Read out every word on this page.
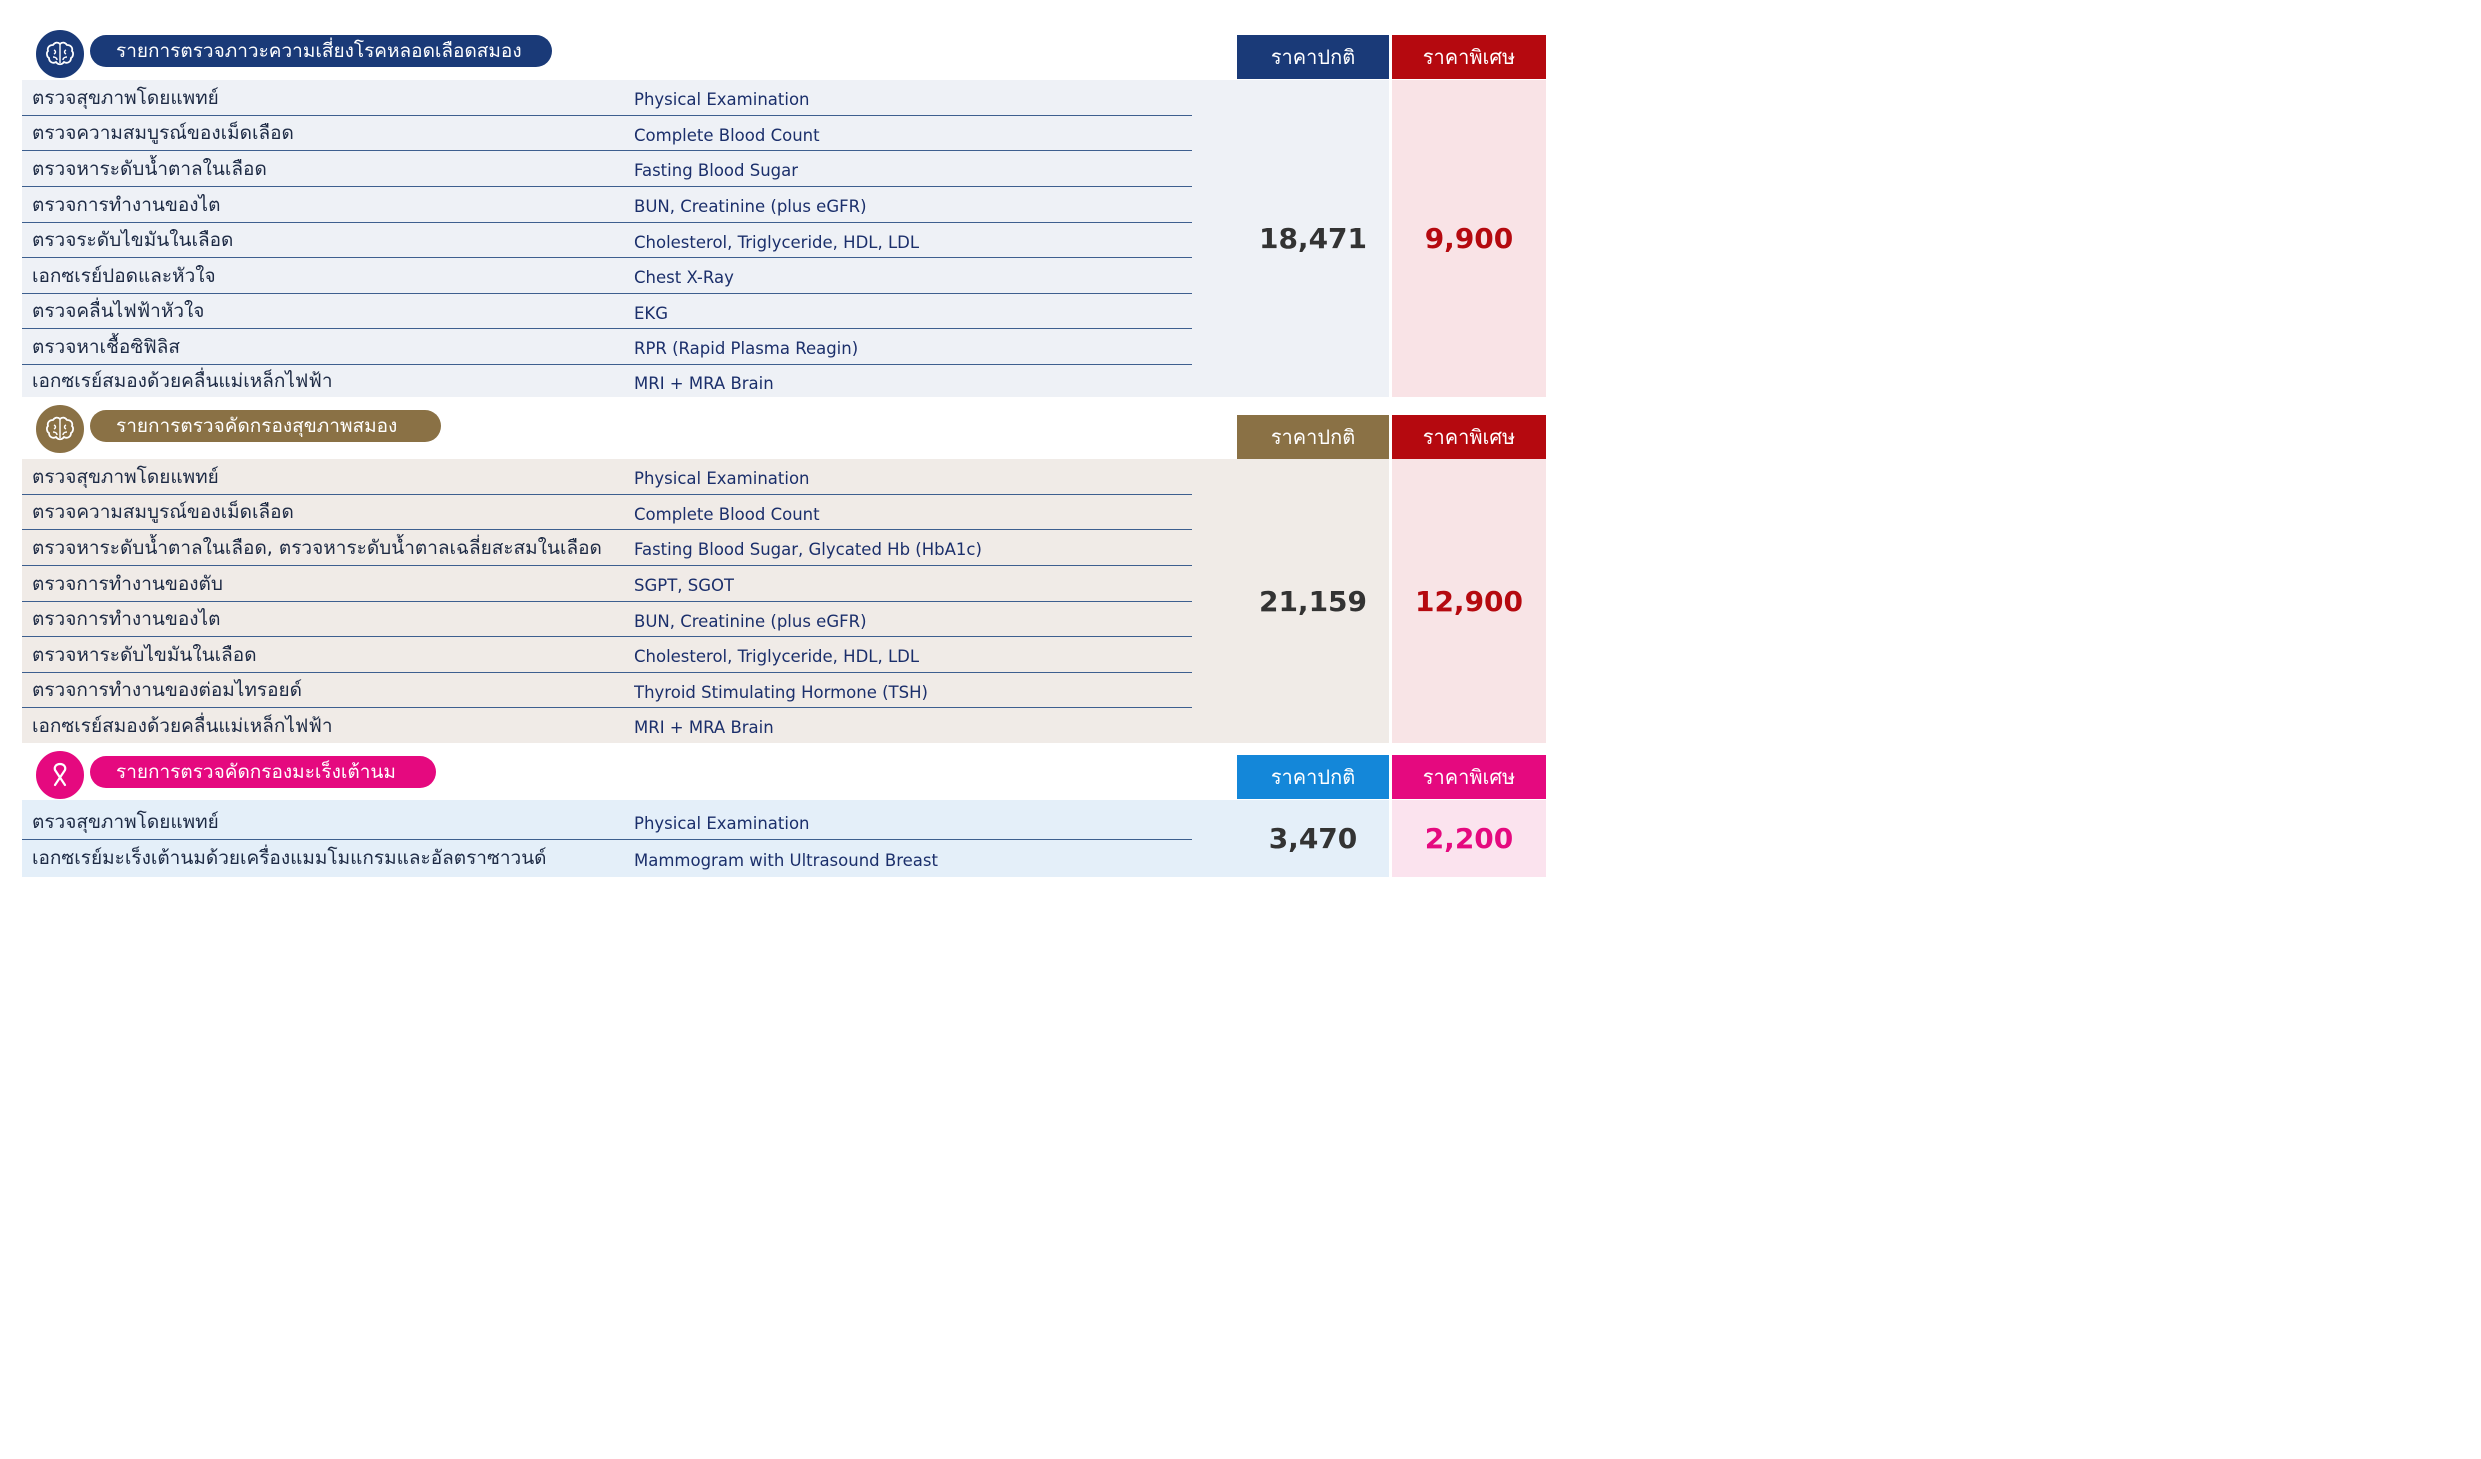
รายการตรวจภาวะความเสี่ยงโรคหลอดเลือดสมอง	ราคาปกติ	ราคาพิเศษ
18,471 9,900
ตรวจสุขภาพโดยแพทย์	Physical Examination
ตรวจความสมบูรณ์ของเม็ดเลือด	Complete Blood Count
ตรวจหาระดับน้ำตาลในเลือด	Fasting Blood Sugar
ตรวจการทำงานของไต	BUN, Creatinine (plus eGFR)
ตรวจระดับไขมันในเลือด	Cholesterol, Triglyceride, HDL, LDL
เอกซเรย์ปอดและหัวใจ	Chest X-Ray
ตรวจคลื่นไฟฟ้าหัวใจ	EKG
ตรวจหาเชื้อซิฟิลิส	RPR (Rapid Plasma Reagin)
เอกซเรย์สมองด้วยคลื่นแม่เหล็กไฟฟ้า	MRI + MRA Brain
รายการตรวจคัดกรองสุขภาพสมอง	ราคาปกติ	ราคาพิเศษ
21,159 12,900
ตรวจสุขภาพโดยแพทย์	Physical Examination
ตรวจความสมบูรณ์ของเม็ดเลือด	Complete Blood Count
ตรวจหาระดับน้ำตาลในเลือด, ตรวจหาระดับน้ำตาลเฉลี่ยสะสมในเลือด	Fasting Blood Sugar, Glycated Hb (HbA1c)
ตรวจการทำงานของตับ	SGPT, SGOT
ตรวจการทำงานของไต	BUN, Creatinine (plus eGFR)
ตรวจหาระดับไขมันในเลือด	Cholesterol, Triglyceride, HDL, LDL
ตรวจการทำงานของต่อมไทรอยด์	Thyroid Stimulating Hormone (TSH)
เอกซเรย์สมองด้วยคลื่นแม่เหล็กไฟฟ้า	MRI + MRA Brain
รายการตรวจคัดกรองมะเร็งเต้านม	ราคาปกติ	ราคาพิเศษ
3,470 2,200
ตรวจสุขภาพโดยแพทย์	Physical Examination
เอกซเรย์มะเร็งเต้านมด้วยเครื่องแมมโมแกรมและอัลตราซาวนด์	Mammogram with Ultrasound Breast
